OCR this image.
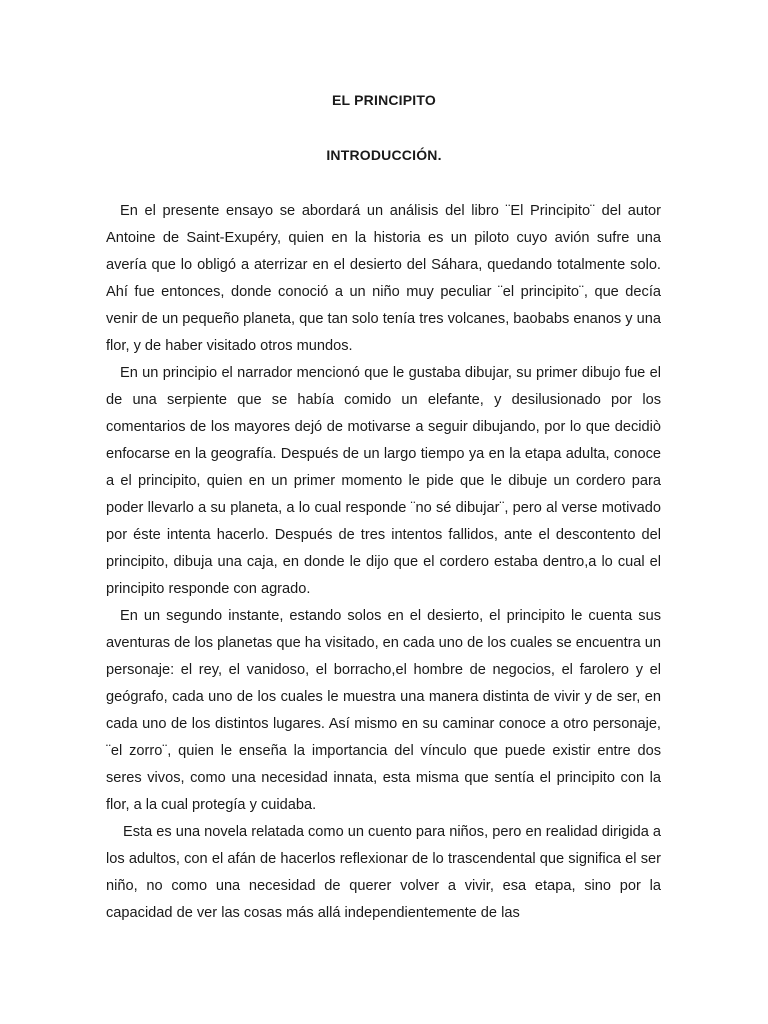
EL PRINCIPITO
INTRODUCCIÓN.

En el presente ensayo se abordará un análisis del libro ¨El Principito¨ del autor Antoine de Saint-Exupéry, quien en la historia es un piloto cuyo avión sufre una avería que lo obligó a aterrizar en el desierto del Sáhara, quedando totalmente solo. Ahí fue entonces, donde conoció a un niño muy peculiar ¨el principito¨, que decía venir de un pequeño planeta, que tan solo tenía tres volcanes, baobabs enanos y una flor, y de haber visitado otros mundos.

En un principio el narrador mencionó que le gustaba dibujar, su primer dibujo fue el de una serpiente que se había comido un elefante, y desilusionado por los comentarios de los mayores dejó de motivarse a seguir dibujando, por lo que decidiò enfocarse en la geografía. Después de un largo tiempo ya en la etapa adulta, conoce a el principito, quien en un primer momento le pide que le dibuje un cordero para poder llevarlo a su planeta, a lo cual responde ¨no sé dibujar¨, pero al verse motivado por éste intenta hacerlo. Después de tres intentos fallidos, ante el descontento del principito, dibuja una caja, en donde le dijo que el cordero estaba dentro,a lo cual el principito responde con agrado.

En un segundo instante, estando solos en el desierto, el principito le cuenta sus aventuras de los planetas que ha visitado, en cada uno de los cuales se encuentra un personaje: el rey, el vanidoso, el borracho,el hombre de negocios, el farolero y el geógrafo, cada uno de los cuales le muestra una manera distinta de vivir y de ser, en cada uno de los distintos lugares. Así mismo en su caminar conoce a otro personaje, ¨el zorro¨, quien le enseña la importancia del vínculo que puede existir entre dos seres vivos, como una necesidad innata, esta misma que sentía el principito con la flor, a la cual protegía y cuidaba.

Esta es una novela relatada como un cuento para niños, pero en realidad dirigida a los adultos, con el afán de hacerlos reflexionar de lo trascendental que significa el ser niño, no como una necesidad de querer volver a vivir, esa etapa, sino por la capacidad de ver las cosas más allá independientemente de las
